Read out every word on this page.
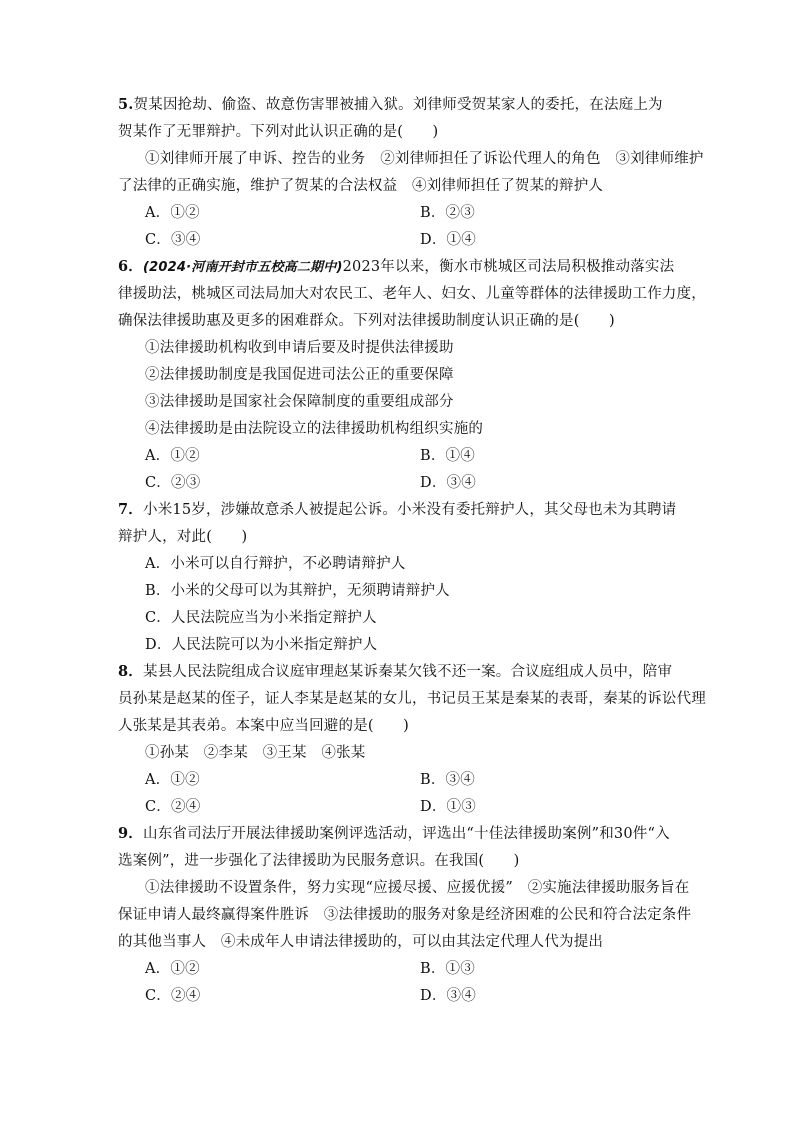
5.贺某因抢劫、偷盗、故意伤害罪被捕入狱。刘律师受贺某家人的委托，在法庭上为
贺某作了无罪辩护。下列对此认识正确的是(　　)
①刘律师开展了申诉、控告的业务　②刘律师担任了诉讼代理人的角色　③刘律师维护
了法律的正确实施，维护了贺某的合法权益　④刘律师担任了贺某的辩护人
A．①②	B．②③
C．③④	D．①④
6．(2024·河南开封市五校高二期中)2023年以来，衡水市桃城区司法局积极推动落实法
律援助法，桃城区司法局加大对农民工、老年人、妇女、儿童等群体的法律援助工作力度，
确保法律援助惠及更多的困难群众。下列对法律援助制度认识正确的是(　　)
①法律援助机构收到申请后要及时提供法律援助
②法律援助制度是我国促进司法公正的重要保障
③法律援助是国家社会保障制度的重要组成部分
④法律援助是由法院设立的法律援助机构组织实施的
A．①②	B．①④
C．②③	D．③④
7．小米15岁，涉嫌故意杀人被提起公诉。小米没有委托辩护人，其父母也未为其聘请
辩护人，对此(　　)
A．小米可以自行辩护，不必聘请辩护人
B．小米的父母可以为其辩护，无须聘请辩护人
C．人民法院应当为小米指定辩护人
D．人民法院可以为小米指定辩护人
8．某县人民法院组成合议庭审理赵某诉秦某欠钱不还一案。合议庭组成人员中，陪审
员孙某是赵某的侄子，证人李某是赵某的女儿，书记员王某是秦某的表哥，秦某的诉讼代理
人张某是其表弟。本案中应当回避的是(　　)
①孙某　②李某　③王某　④张某
A．①②	B．③④
C．②④	D．①③
9．山东省司法厅开展法律援助案例评选活动，评选出“十佳法律援助案例”和30件“入
选案例”，进一步强化了法律援助为民服务意识。在我国(　　)
①法律援助不设置条件，努力实现“应援尽援、应援优援”　②实施法律援助服务旨在
保证申请人最终赢得案件胜诉　③法律援助的服务对象是经济困难的公民和符合法定条件
的其他当事人　④未成年人申请法律援助的，可以由其法定代理人代为提出
A．①②	B．①③
C．②④	D．③④
